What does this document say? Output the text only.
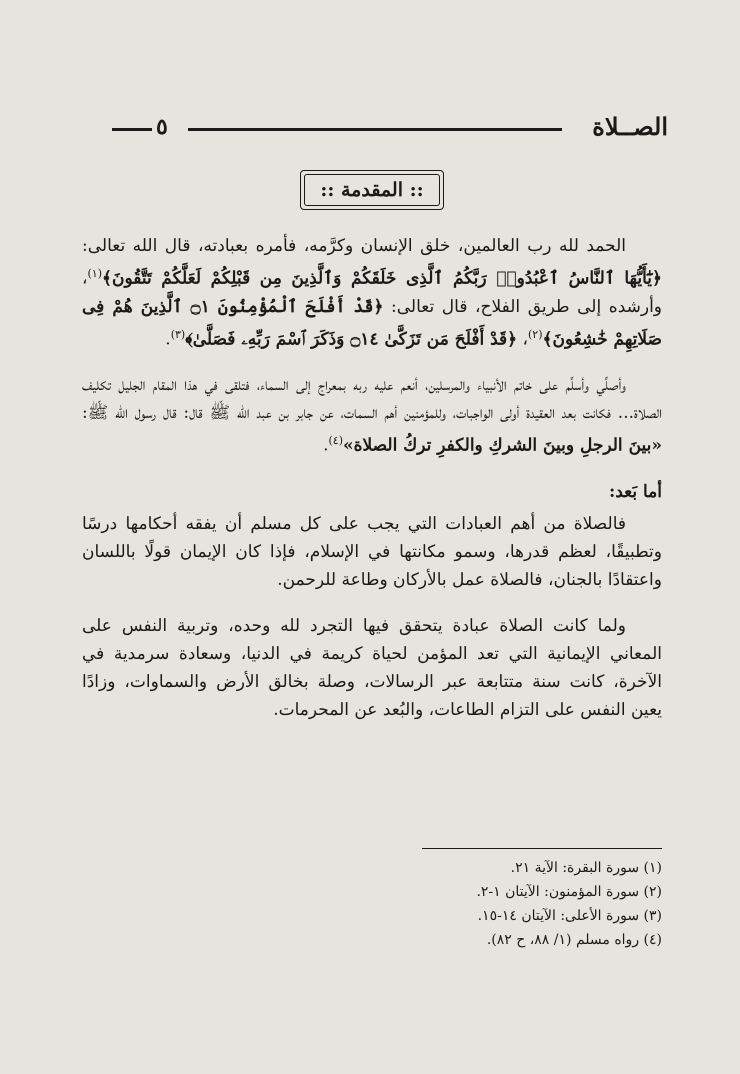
الصــلاة
٥
:: المقدمة ::

الحمد لله رب العالمين، خلق الإنسان وكرَّمه، فأمره بعبادته، قال الله تعالى: ﴿يَٰٓأَيُّهَا ٱلنَّاسُ ٱعْبُدُوا۟ رَبَّكُمُ ٱلَّذِى خَلَقَكُمْ وَٱلَّذِينَ مِن قَبْلِكُمْ لَعَلَّكُمْ تَتَّقُونَ﴾$^{(١)}$، وأرشده إلى طريق الفلاح، قال تعالى: ﴿قَدْ أَفْلَحَ ٱلْمُؤْمِنُونَ ۝١ ٱلَّذِينَ هُمْ فِى صَلَاتِهِمْ خَٰشِعُونَ﴾$^{(٢)}$، ﴿قَدْ أَفْلَحَ مَن تَزَكَّىٰ ۝١٤ وَذَكَرَ ٱسْمَ رَبِّهِۦ فَصَلَّىٰ﴾$^{(٣)}$.

وأصلِّي وأسلِّم على خاتم الأنبياء والمرسلين، أنعم عليه ربه بمعراج إلى السماء، فتلقى في هذا المقام الجليل تكليف الصلاة... فكانت بعد العقيدة أولى الواجبات، وللمؤمنين أهم السمات، عن جابر بن عبد الله ﷺ قال: قال رسول الله ﷺ: «بينَ الرجلِ وبينَ الشركِ والكفرِ تركُ الصلاة»$^{(٤)}$.

أما بَعد:

فالصلاة من أهم العبادات التي يجب على كل مسلم أن يفقه أحكامها درسًا وتطبيقًا، لعظم قدرها، وسمو مكانتها في الإسلام، فإذا كان الإيمان قولًا باللسان واعتقادًا بالجنان، فالصلاة عمل بالأركان وطاعة للرحمن.

ولما كانت الصلاة عبادة يتحقق فيها التجرد لله وحده، وتربية النفس على المعاني الإيمانية التي تعد المؤمن لحياة كريمة في الدنيا، وسعادة سرمدية في الآخرة، كانت سنة متتابعة عبر الرسالات، وصلة بخالق الأرض والسماوات، وزادًا يعين النفس على التزام الطاعات، والبُعد عن المحرمات.

(١) سورة البقرة: الآية ٢١.
(٢) سورة المؤمنون: الآيتان ١-٢.
(٣) سورة الأعلى: الآيتان ١٤-١٥.
(٤) رواه مسلم (١/ ٨٨، ح ٨٢).
